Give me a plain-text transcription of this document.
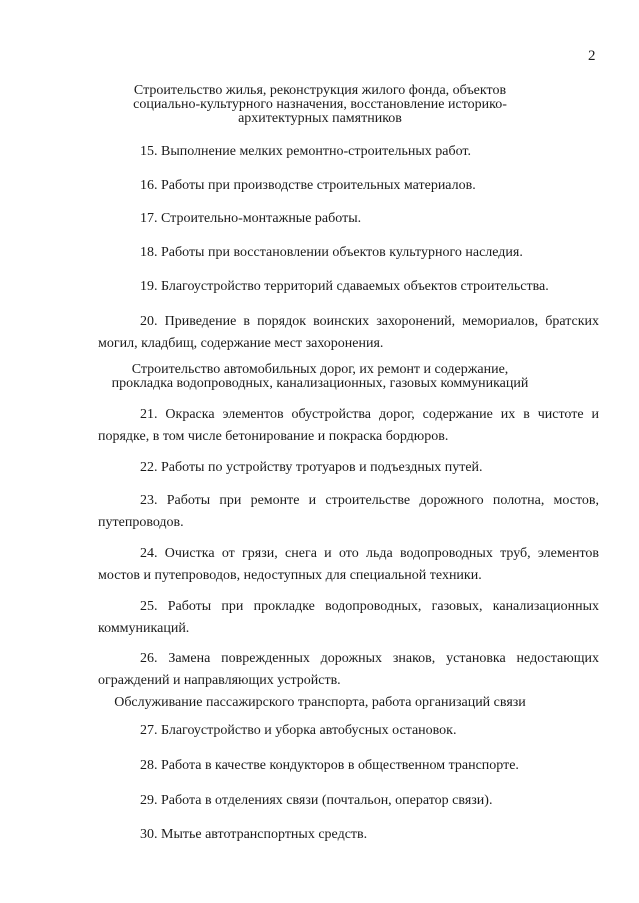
2
Строительство жилья, реконструкция жилого фонда, объектов социально-культурного назначения, восстановление историко-архитектурных памятников
15. Выполнение мелких ремонтно-строительных работ.
16. Работы при производстве строительных материалов.
17. Строительно-монтажные работы.
18. Работы при восстановлении объектов культурного наследия.
19. Благоустройство территорий сдаваемых объектов строительства.
20. Приведение в порядок воинских захоронений, мемориалов, братских могил, кладбищ, содержание мест захоронения.
Строительство автомобильных дорог, их ремонт и содержание, прокладка водопроводных, канализационных, газовых коммуникаций
21. Окраска элементов обустройства дорог, содержание их в чистоте и порядке, в том числе бетонирование и покраска бордюров.
22. Работы по устройству тротуаров и подъездных путей.
23. Работы при ремонте и строительстве дорожного полотна, мостов, путепроводов.
24. Очистка от грязи, снега и ото льда водопроводных труб, элементов мостов и путепроводов, недоступных для специальной техники.
25. Работы при прокладке водопроводных, газовых, канализационных коммуникаций.
26. Замена поврежденных дорожных знаков, установка недостающих ограждений и направляющих устройств.
Обслуживание пассажирского транспорта, работа организаций связи
27. Благоустройство и уборка автобусных остановок.
28. Работа в качестве кондукторов в общественном транспорте.
29. Работа в отделениях связи (почтальон, оператор связи).
30. Мытье автотранспортных средств.
